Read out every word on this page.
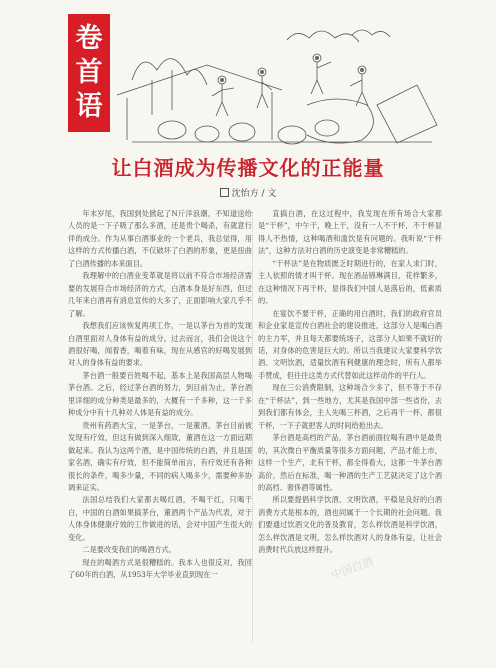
卷
首
语
让白酒成为传播文化的正能量
沈怡方 / 文

年末岁尾，我国到处掀起了N斤洋浪潮，不知道送给人员的是一下子吸了那么多酒，还是贵个喝杀，有就意行伴的成分。作为从事白酒事业的一个老兵，我总觉得，用这样的方式传播白酒，不仅破坏了白酒的形象，更是扭曲了白酒传播的本来面目。

我理解中的白酒业变革就是将以前不符合市场经济需要的发展符合市场经济的方式，白酒本身是好东西，但过几年来白酒再有消息宣传的大多了，正面影响大家几乎不了解。

我想我们应该恢复两项工作，一是以茅台为首的发现白酒里面对人身体有益的成分。过去而言，我们会说这个酒很好喝，闻着香，喝着有味，现在从感官的好喝发展到对人的身体有益的要求。

茅台酒一般要百姓喝不起，基本上是我国高层人物喝茅台酒。之后，经过茅台酒的努力，到目前为止，茅台酒里详细的成分种类是最多的，大概有一千多种，这一千多种成分中有十几种对人体是有益的成分。

贵州有药酒大宝，一是茅台，一是董酒。茅台目前被发现有疗效，但这有做到深入细致，董酒在这一方面远期做起来。我认为这两个酒，是中国传统的白酒，并且是国家名酒，确实有疗效，但不能简单而言，有疗效还有各种很长的条件，喝多少量，不同的病人喝多少，需要种多协调来证实。

法国总结我们大家都去喝红酒，不喝干红，只喝干白，中国的白酒如果搞茅台，董酒两个产品为代表，对于人体身体健康疗效的工作做进的话，会对中国产生很大的变化。

二是要改变我们的喝酒方式。

现在的喝酒方式是很糟糕的。我本人也很反对，我回了60年的白酒，从1953年大学毕业直到现在一

直搞白酒，在这过程中，我发现在所有场合大家都是“干杯”，中午干，晚上干，没有一人不干杯，不干杯显得人不热情，这种喝酒和滥饮是有问题的。我听说“干杯法”，这种方法对白酒的历史演变是非常糟糕的。

“干杯法”是在物质匮乏时期进行的，在家人求门时，主人依照的情才叫干杯。现在酒品锦琳满目，花样繁多，在这种情况下再干杯，显得我们中国人是落后的，低素质的。

在宴饮不要干杯，正确的用白酒时，我们的政府官员和企业家是宣传白酒社会的建设推进，这部分人是喝白酒的主力军，并且每天都要统场子，这部分人如果不就好的话，对身体的危害是巨大的。所以当我建议大家要科学饮酒、文明饮酒，适量饮酒有利健康的理念时，所有人都举手赞成，但往往这类方式代替如此这样动作的平行人。

现在三公消费限制，这种场合少多了，但不等于不存在“干杯法”，到一些地方，尤其是我国中部一些省份，去到我们都有体会，主人先喝三杯酒，之后再干一杯，都很干杯，一下子就把客人的时间给抢出去。

茅台酒是高档的产品，茅台酒前面拉喝有酒中是最贵的，其次微白平衡质量等很多方面问题，产品才能上市，这样一个生产，北有干杯，都全得看大，这都一牛茅台酒高价，然后在标准，喝一种酒的生产工艺就决定了这个酒的高档、奢侈酒等属性。

所以要提倡科学饮酒、文明饮酒，平稳是良好的白酒消费方式是根本的，酒也同属于一个长期的社会问题。我们要通过饮酒文化的普及教育，怎么样饮酒是科学饮酒，怎么样饮酒是文明，怎么样饮酒对人的身体有益，让社会消费时代兵放这样提升。

中国白酒
